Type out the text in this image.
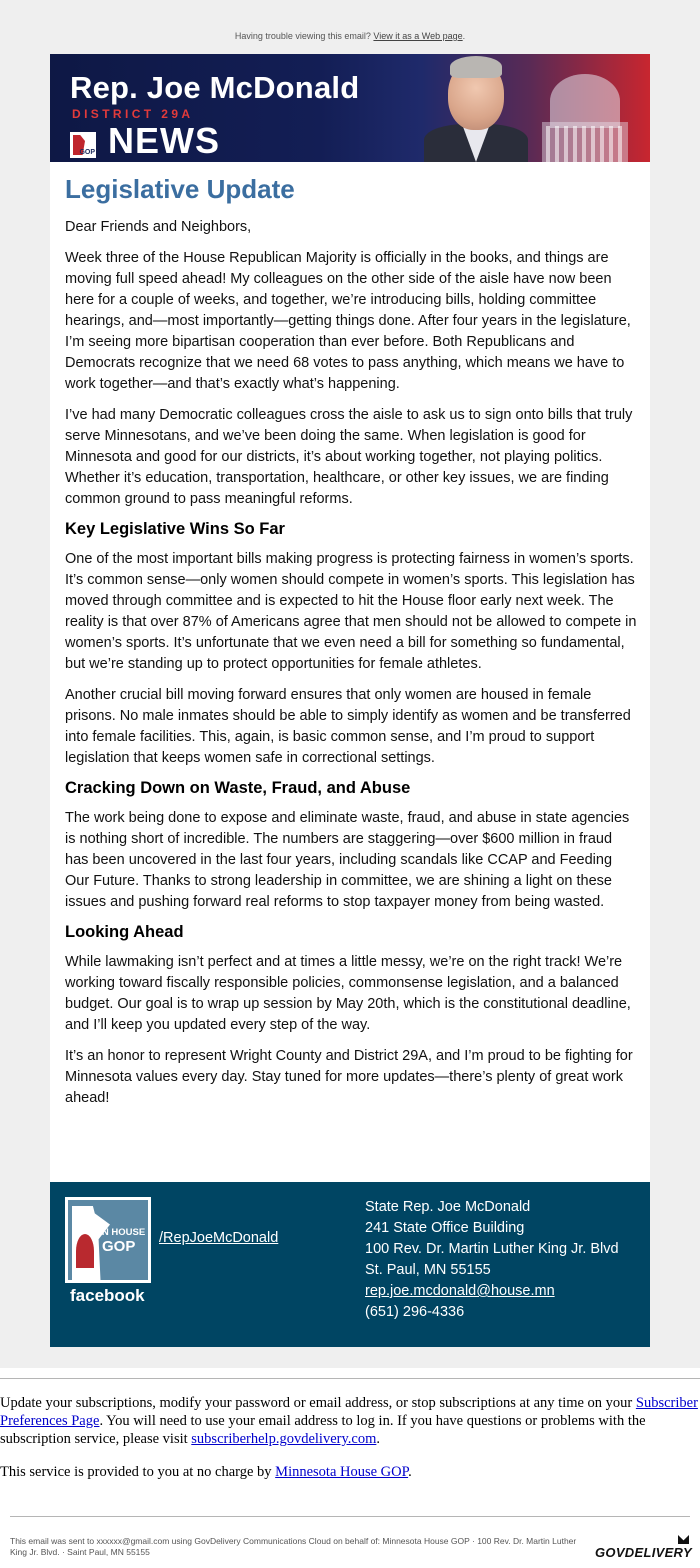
Having trouble viewing this email? View it as a Web page.
Rep. Joe McDonald
DISTRICT 29A
GOP NEWS
Legislative Update

Dear Friends and Neighbors,

Week three of the House Republican Majority is officially in the books, and things are moving full speed ahead! My colleagues on the other side of the aisle have now been here for a couple of weeks, and together, we’re introducing bills, holding committee hearings, and—most importantly—getting things done. After four years in the legislature, I’m seeing more bipartisan cooperation than ever before. Both Republicans and Democrats recognize that we need 68 votes to pass anything, which means we have to work together—and that’s exactly what’s happening.

I’ve had many Democratic colleagues cross the aisle to ask us to sign onto bills that truly serve Minnesotans, and we’ve been doing the same. When legislation is good for Minnesota and good for our districts, it’s about working together, not playing politics. Whether it’s education, transportation, healthcare, or other key issues, we are finding common ground to pass meaningful reforms.

Key Legislative Wins So Far

One of the most important bills making progress is protecting fairness in women’s sports. It’s common sense—only women should compete in women’s sports. This legislation has moved through committee and is expected to hit the House floor early next week. The reality is that over 87% of Americans agree that men should not be allowed to compete in women’s sports. It’s unfortunate that we even need a bill for something so fundamental, but we’re standing up to protect opportunities for female athletes.

Another crucial bill moving forward ensures that only women are housed in female prisons. No male inmates should be able to simply identify as women and be transferred into female facilities. This, again, is basic common sense, and I’m proud to support legislation that keeps women safe in correctional settings.

Cracking Down on Waste, Fraud, and Abuse

The work being done to expose and eliminate waste, fraud, and abuse in state agencies is nothing short of incredible. The numbers are staggering—over $600 million in fraud has been uncovered in the last four years, including scandals like CCAP and Feeding Our Future. Thanks to strong leadership in committee, we are shining a light on these issues and pushing forward real reforms to stop taxpayer money from being wasted.

Looking Ahead

While lawmaking isn’t perfect and at times a little messy, we’re on the right track! We’re working toward fiscally responsible policies, commonsense legislation, and a balanced budget. Our goal is to wrap up session by May 20th, which is the constitutional deadline, and I’ll keep you updated every step of the way.

It’s an honor to represent Wright County and District 29A, and I’m proud to be fighting for Minnesota values every day. Stay tuned for more updates—there’s plenty of great work ahead!

MN HOUSE
GOP
facebook
/RepJoeMcDonald
State Rep. Joe McDonald
241 State Office Building
100 Rev. Dr. Martin Luther King Jr. Blvd
St. Paul, MN 55155
rep.joe.mcdonald@house.mn
(651) 296-4336
Update your subscriptions, modify your password or email address, or stop subscriptions at any time on your Subscriber Preferences Page. You will need to use your email address to log in. If you have questions or problems with the subscription service, please visit subscriberhelp.govdelivery.com.
This service is provided to you at no charge by Minnesota House GOP.
This email was sent to xxxxxx@gmail.com using GovDelivery Communications Cloud on behalf of: Minnesota House GOP · 100 Rev. Dr. Martin Luther King Jr. Blvd. · Saint Paul, MN 55155	GOVDELIVERY
